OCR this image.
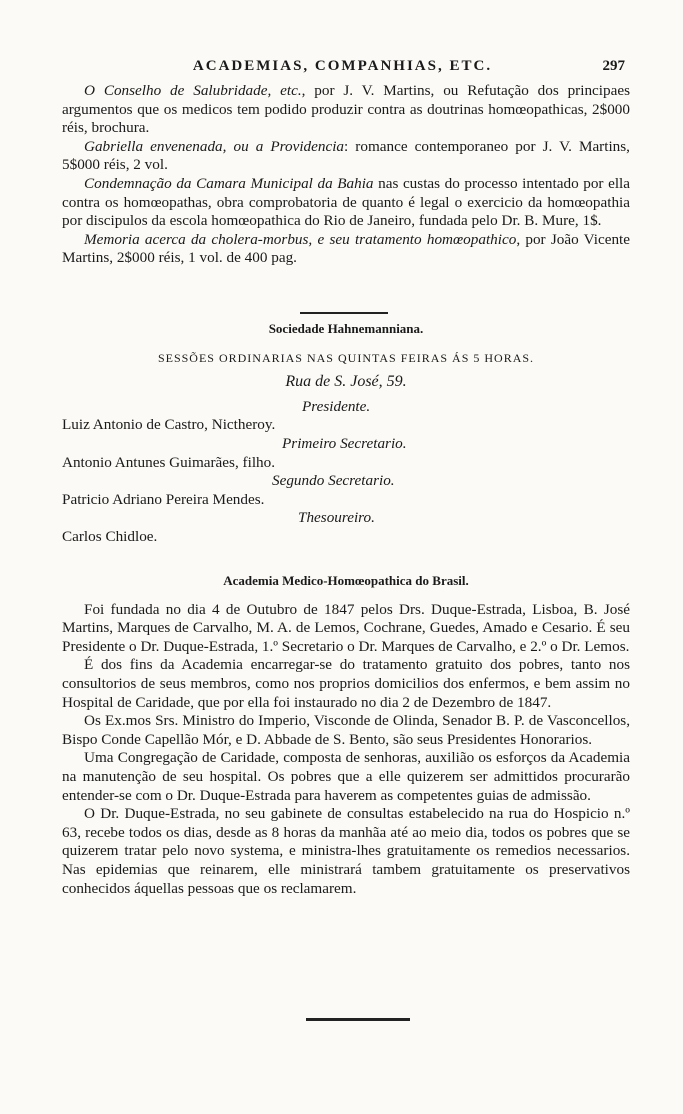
ACADEMIAS, COMPANHIAS, ETC.	297

O Conselho de Salubridade, etc., por J. V. Martins, ou Refutação dos principaes argumentos que os medicos tem podido produzir contra as doutrinas homœopathicas, 2$000 réis, brochura.

Gabriella envenenada, ou a Providencia: romance contemporaneo por J. V. Martins, 5$000 réis, 2 vol.

Condemnação da Camara Municipal da Bahia nas custas do processo intentado por ella contra os homœopathas, obra comprobatoria de quanto é legal o exercicio da homœopathia por discipulos da escola homœopathica do Rio de Janeiro, fundada pelo Dr. B. Mure, 1$.

Memoria acerca da cholera-morbus, e seu tratamento homœopathico, por João Vicente Martins, 2$000 réis, 1 vol. de 400 pag.

Sociedade Hahnemanniana.
SESSÕES ORDINARIAS NAS QUINTAS FEIRAS ÁS 5 HORAS.
Rua de S. José, 59.
Presidente.
Luiz Antonio de Castro, Nictheroy.
Primeiro Secretario.
Antonio Antunes Guimarães, filho.
Segundo Secretario.
Patricio Adriano Pereira Mendes.
Thesoureiro.
Carlos Chidloe.
Academia Medico-Homœopathica do Brasil.

Foi fundada no dia 4 de Outubro de 1847 pelos Drs. Duque-Estrada, Lisboa, B. José Martins, Marques de Carvalho, M. A. de Lemos, Cochrane, Guedes, Amado e Cesario. É seu Presidente o Dr. Duque-Estrada, 1.º Secretario o Dr. Marques de Carvalho, e 2.º o Dr. Lemos.

É dos fins da Academia encarregar-se do tratamento gratuito dos pobres, tanto nos consultorios de seus membros, como nos proprios domicilios dos enfermos, e bem assim no Hospital de Caridade, que por ella foi instaurado no dia 2 de Dezembro de 1847.

Os Ex.mos Srs. Ministro do Imperio, Visconde de Olinda, Senador B. P. de Vasconcellos, Bispo Conde Capellão Mór, e D. Abbade de S. Bento, são seus Presidentes Honorarios.

Uma Congregação de Caridade, composta de senhoras, auxilião os esforços da Academia na manutenção de seu hospital. Os pobres que a elle quizerem ser admittidos procurarão entender-se com o Dr. Duque-Estrada para haverem as competentes guias de admissão.

O Dr. Duque-Estrada, no seu gabinete de consultas estabelecido na rua do Hospicio n.º 63, recebe todos os dias, desde as 8 horas da manhãa até ao meio dia, todos os pobres que se quizerem tratar pelo novo systema, e ministra-lhes gratuitamente os remedios necessarios. Nas epidemias que reinarem, elle ministrará tambem gratuitamente os preservativos conhecidos áquellas pessoas que os reclamarem.
